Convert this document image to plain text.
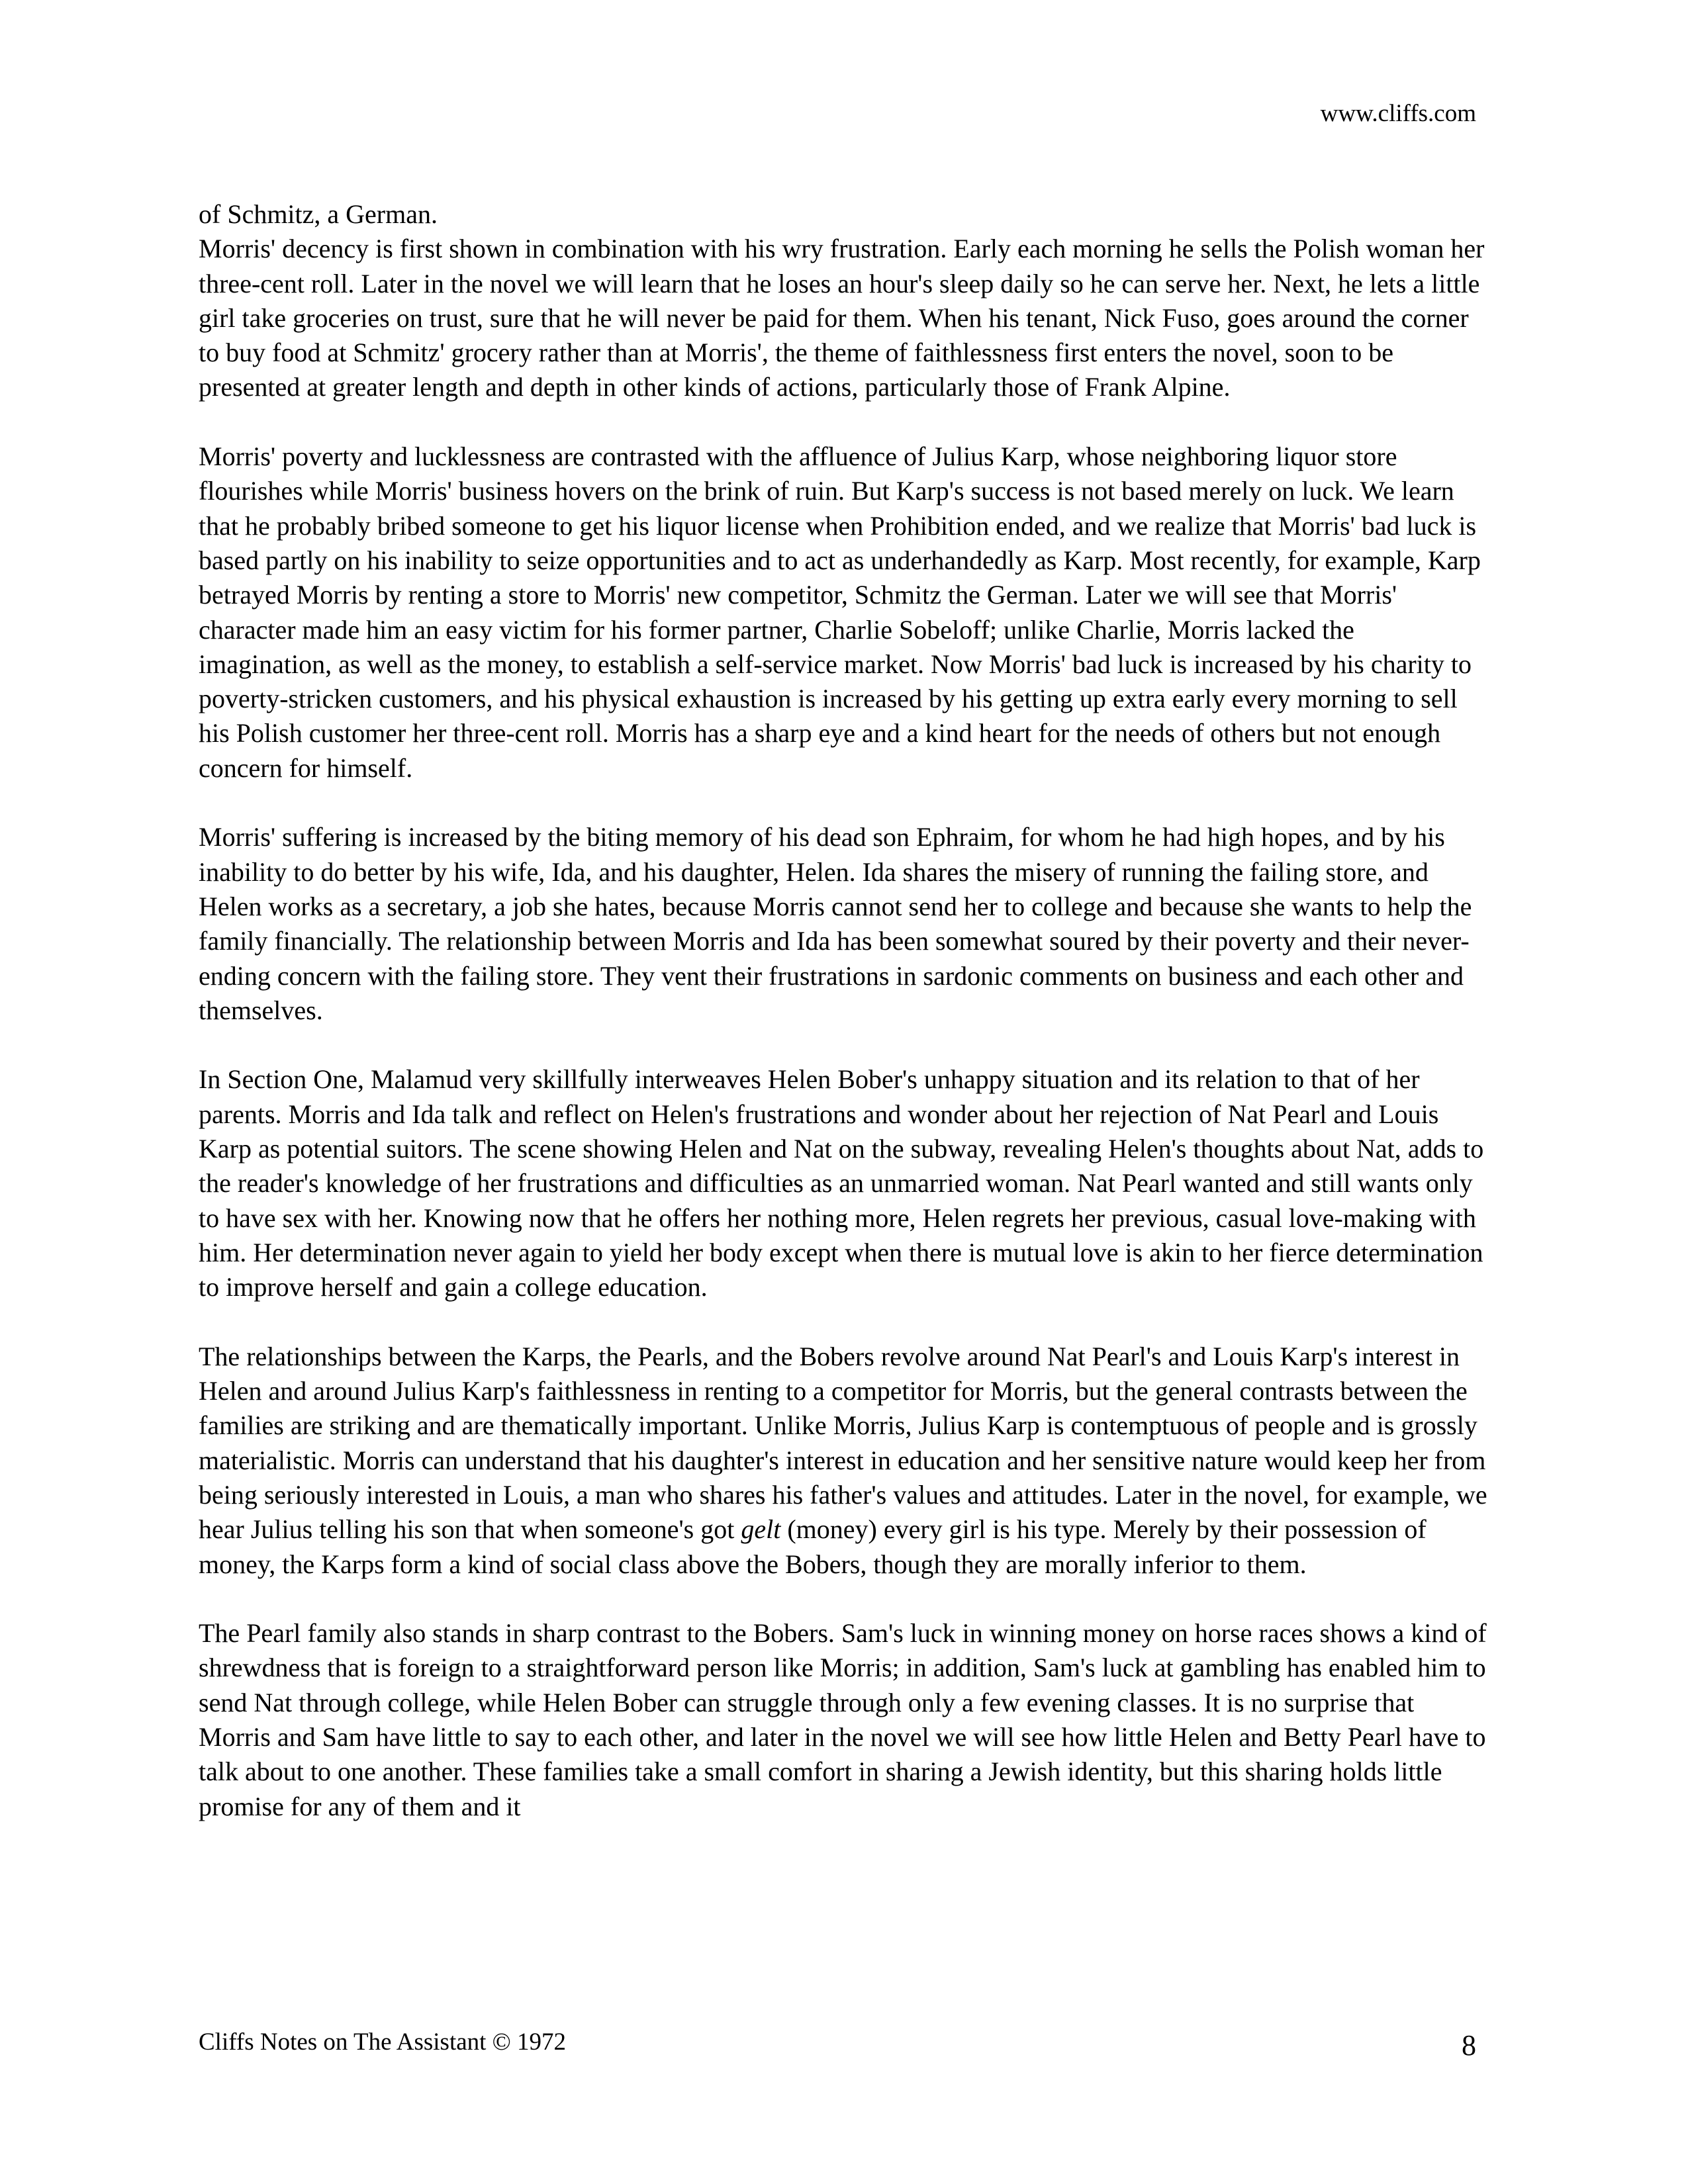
www.cliffs.com

of Schmitz, a German.

Morris' decency is first shown in combination with his wry frustration. Early each morning he sells the Polish woman her three-cent roll. Later in the novel we will learn that he loses an hour's sleep daily so he can serve her. Next, he lets a little girl take groceries on trust, sure that he will never be paid for them. When his tenant, Nick Fuso, goes around the corner to buy food at Schmitz' grocery rather than at Morris', the theme of faithlessness first enters the novel, soon to be presented at greater length and depth in other kinds of actions, particularly those of Frank Alpine.

Morris' poverty and lucklessness are contrasted with the affluence of Julius Karp, whose neighboring liquor store flourishes while Morris' business hovers on the brink of ruin. But Karp's success is not based merely on luck. We learn that he probably bribed someone to get his liquor license when Prohibition ended, and we realize that Morris' bad luck is based partly on his inability to seize opportunities and to act as underhandedly as Karp. Most recently, for example, Karp betrayed Morris by renting a store to Morris' new competitor, Schmitz the German. Later we will see that Morris' character made him an easy victim for his former partner, Charlie Sobeloff; unlike Charlie, Morris lacked the imagination, as well as the money, to establish a self-service market. Now Morris' bad luck is increased by his charity to poverty-stricken customers, and his physical exhaustion is increased by his getting up extra early every morning to sell his Polish customer her three-cent roll. Morris has a sharp eye and a kind heart for the needs of others but not enough concern for himself.

Morris' suffering is increased by the biting memory of his dead son Ephraim, for whom he had high hopes, and by his inability to do better by his wife, Ida, and his daughter, Helen. Ida shares the misery of running the failing store, and Helen works as a secretary, a job she hates, because Morris cannot send her to college and because she wants to help the family financially. The relationship between Morris and Ida has been somewhat soured by their poverty and their never-ending concern with the failing store. They vent their frustrations in sardonic comments on business and each other and themselves.

In Section One, Malamud very skillfully interweaves Helen Bober's unhappy situation and its relation to that of her parents. Morris and Ida talk and reflect on Helen's frustrations and wonder about her rejection of Nat Pearl and Louis Karp as potential suitors. The scene showing Helen and Nat on the subway, revealing Helen's thoughts about Nat, adds to the reader's knowledge of her frustrations and difficulties as an unmarried woman. Nat Pearl wanted and still wants only to have sex with her. Knowing now that he offers her nothing more, Helen regrets her previous, casual love-making with him. Her determination never again to yield her body except when there is mutual love is akin to her fierce determination to improve herself and gain a college education.

The relationships between the Karps, the Pearls, and the Bobers revolve around Nat Pearl's and Louis Karp's interest in Helen and around Julius Karp's faithlessness in renting to a competitor for Morris, but the general contrasts between the families are striking and are thematically important. Unlike Morris, Julius Karp is contemptuous of people and is grossly materialistic. Morris can understand that his daughter's interest in education and her sensitive nature would keep her from being seriously interested in Louis, a man who shares his father's values and attitudes. Later in the novel, for example, we hear Julius telling his son that when someone's got gelt (money) every girl is his type. Merely by their possession of money, the Karps form a kind of social class above the Bobers, though they are morally inferior to them.

The Pearl family also stands in sharp contrast to the Bobers. Sam's luck in winning money on horse races shows a kind of shrewdness that is foreign to a straightforward person like Morris; in addition, Sam's luck at gambling has enabled him to send Nat through college, while Helen Bober can struggle through only a few evening classes. It is no surprise that Morris and Sam have little to say to each other, and later in the novel we will see how little Helen and Betty Pearl have to talk about to one another. These families take a small comfort in sharing a Jewish identity, but this sharing holds little promise for any of them and it

Cliffs Notes on The Assistant © 1972	8
